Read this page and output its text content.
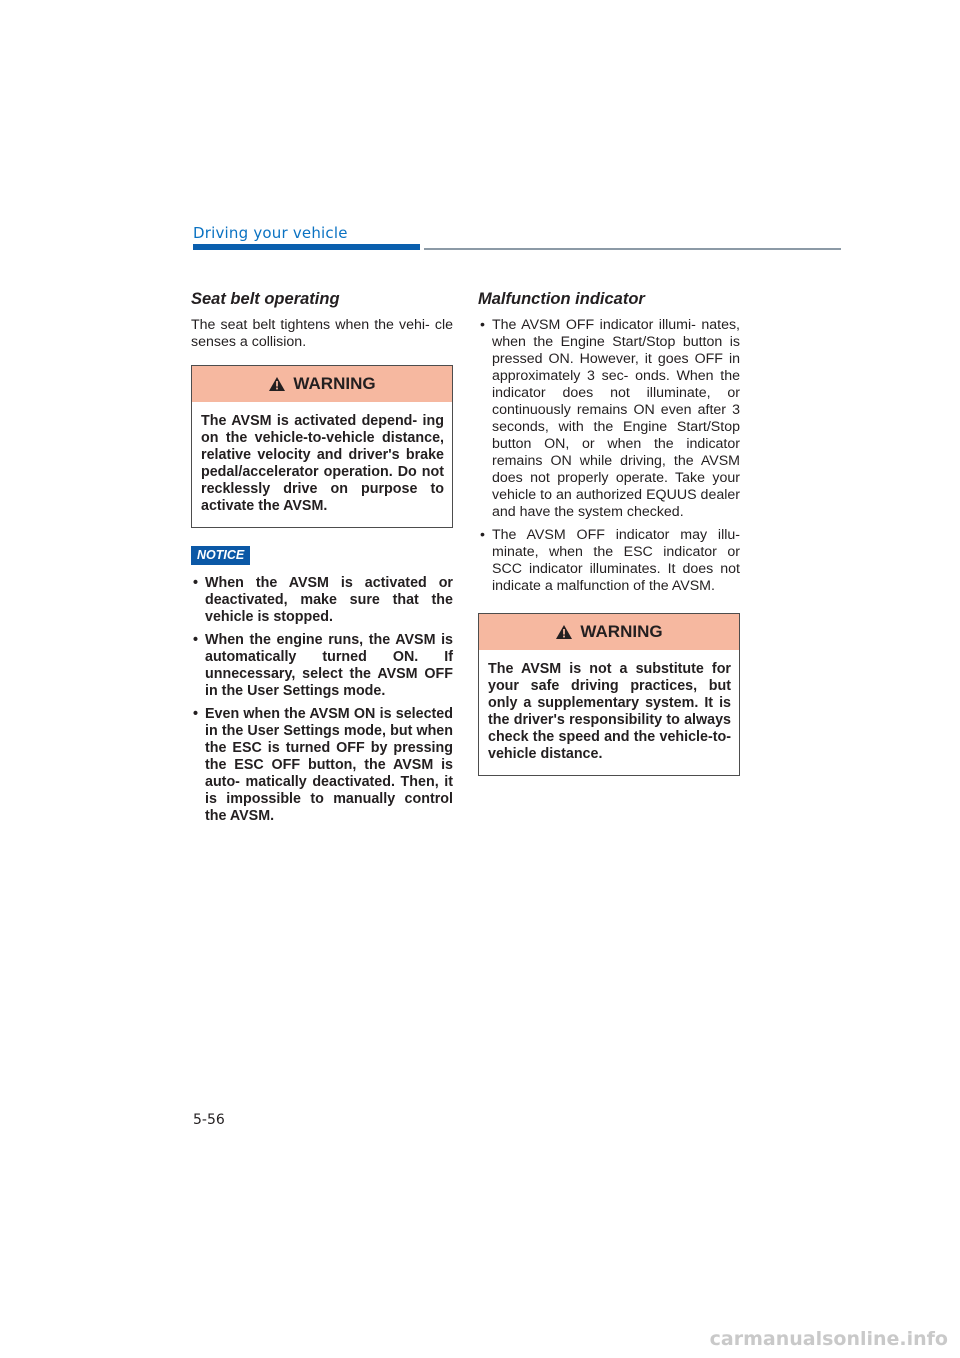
Driving your vehicle
Seat belt operating

The seat belt tightens when the vehi- cle senses a collision.

WARNING
The AVSM is activated depend- ing on the vehicle-to-vehicle distance, relative velocity and driver's brake pedal/accelerator operation. Do not recklessly drive on purpose to activate the AVSM.
NOTICE
• When the AVSM is activated or deactivated, make sure that the vehicle is stopped.
• When the engine runs, the AVSM is automatically turned ON. If unnecessary, select the AVSM OFF in the User Settings mode.
• Even when the AVSM ON is selected in the User Settings mode, but when the ESC is turned OFF by pressing the ESC OFF button, the AVSM is auto- matically deactivated. Then, it is impossible to manually control the AVSM.
Malfunction indicator
• The AVSM OFF indicator illumi- nates, when the Engine Start/Stop button is pressed ON. However, it goes OFF in approximately 3 sec- onds. When the indicator does not illuminate, or continuously remains ON even after 3 seconds, with the Engine Start/Stop button ON, or when the indicator remains ON while driving, the AVSM does not properly operate. Take your vehicle to an authorized EQUUS dealer and have the system checked.
• The AVSM OFF indicator may illu- minate, when the ESC indicator or SCC indicator illuminates. It does not indicate a malfunction of the AVSM.
WARNING
The AVSM is not a substitute for your safe driving practices, but only a supplementary system. It is the driver's responsibility to always check the speed and the vehicle-to-vehicle distance.
5-56
carmanualsonline.info
